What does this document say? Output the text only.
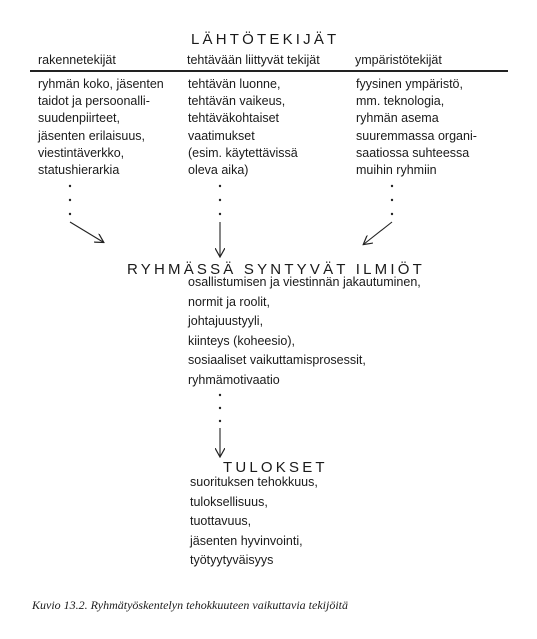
LÄHTÖTEKIJÄT
rakennetekijät	tehtävään liittyvät tekijät	ympäristötekijät
ryhmän koko, jäsenten
taidot ja persoonalli-
suudenpiirteet,
jäsenten erilaisuus,
viestintäverkko,
statushierarkia
tehtävän luonne,
tehtävän vaikeus,
tehtäväkohtaiset
vaatimukset
(esim. käytettävissä
oleva aika)
fyysinen ympäristö,
mm. teknologia,
ryhmän asema
suuremmassa organi-
saatiossa suhteessa
muihin ryhmiin
RYHMÄSSÄ SYNTYVÄT ILMIÖT
osallistumisen ja viestinnän jakautuminen,
normit ja roolit,
johtajuustyyli,
kiinteys (koheesio),
sosiaaliset vaikuttamisprosessit,
ryhmämotivaatio
TULOKSET
suorituksen tehokkuus,
tuloksellisuus,
tuottavuus,
jäsenten hyvinvointi,
työtyytyväisyys
Kuvio 13.2. Ryhmätyöskentelyn tehokkuuteen vaikuttavia tekijöitä
